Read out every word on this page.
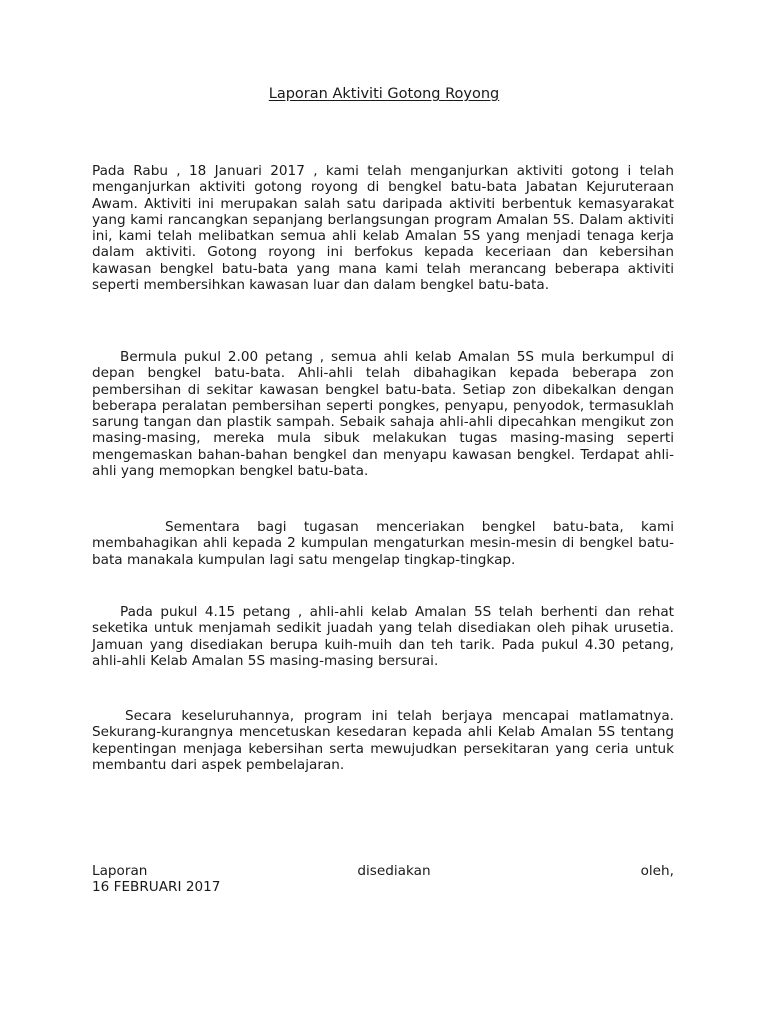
Laporan Aktiviti Gotong Royong

Pada Rabu , 18 Januari 2017 , kami telah menganjurkan aktiviti gotong i telah menganjurkan aktiviti gotong royong di bengkel batu-bata Jabatan Kejuruteraan Awam. Aktiviti ini merupakan salah satu daripada aktiviti berbentuk kemasyarakat yang kami rancangkan sepanjang berlangsungan program Amalan 5S. Dalam aktiviti ini, kami telah melibatkan semua ahli kelab Amalan 5S yang menjadi tenaga kerja dalam aktiviti. Gotong royong ini berfokus kepada keceriaan dan kebersihan kawasan bengkel batu-bata yang mana kami telah merancang beberapa aktiviti seperti membersihkan kawasan luar dan dalam bengkel batu-bata.

Bermula pukul 2.00 petang , semua ahli kelab Amalan 5S mula berkumpul di depan bengkel batu-bata. Ahli-ahli telah dibahagikan kepada beberapa zon pembersihan di sekitar kawasan bengkel batu-bata. Setiap zon dibekalkan dengan beberapa peralatan pembersihan seperti pongkes, penyapu, penyodok, termasuklah sarung tangan dan plastik sampah. Sebaik sahaja ahli-ahli dipecahkan mengikut zon masing-masing, mereka mula sibuk melakukan tugas masing-masing seperti mengemaskan bahan-bahan bengkel dan menyapu kawasan bengkel. Terdapat ahli-ahli yang memopkan bengkel batu-bata.

Sementara bagi tugasan menceriakan bengkel batu-bata, kami membahagikan ahli kepada 2 kumpulan mengaturkan mesin-mesin di bengkel batu-bata manakala kumpulan lagi satu mengelap tingkap-tingkap.

Pada pukul 4.15 petang , ahli-ahli kelab Amalan 5S telah berhenti dan rehat seketika untuk menjamah sedikit juadah yang telah disediakan oleh pihak urusetia. Jamuan yang disediakan berupa kuih-muih dan teh tarik. Pada pukul 4.30 petang, ahli-ahli Kelab Amalan 5S masing-masing bersurai.

Secara keseluruhannya, program ini telah berjaya mencapai matlamatnya. Sekurang-kurangnya mencetuskan kesedaran kepada ahli Kelab Amalan 5S tentang kepentingan menjaga kebersihan serta mewujudkan persekitaran yang ceria untuk membantu dari aspek pembelajaran.

Laporan	disediakan	oleh,
16 FEBRUARI 2017
